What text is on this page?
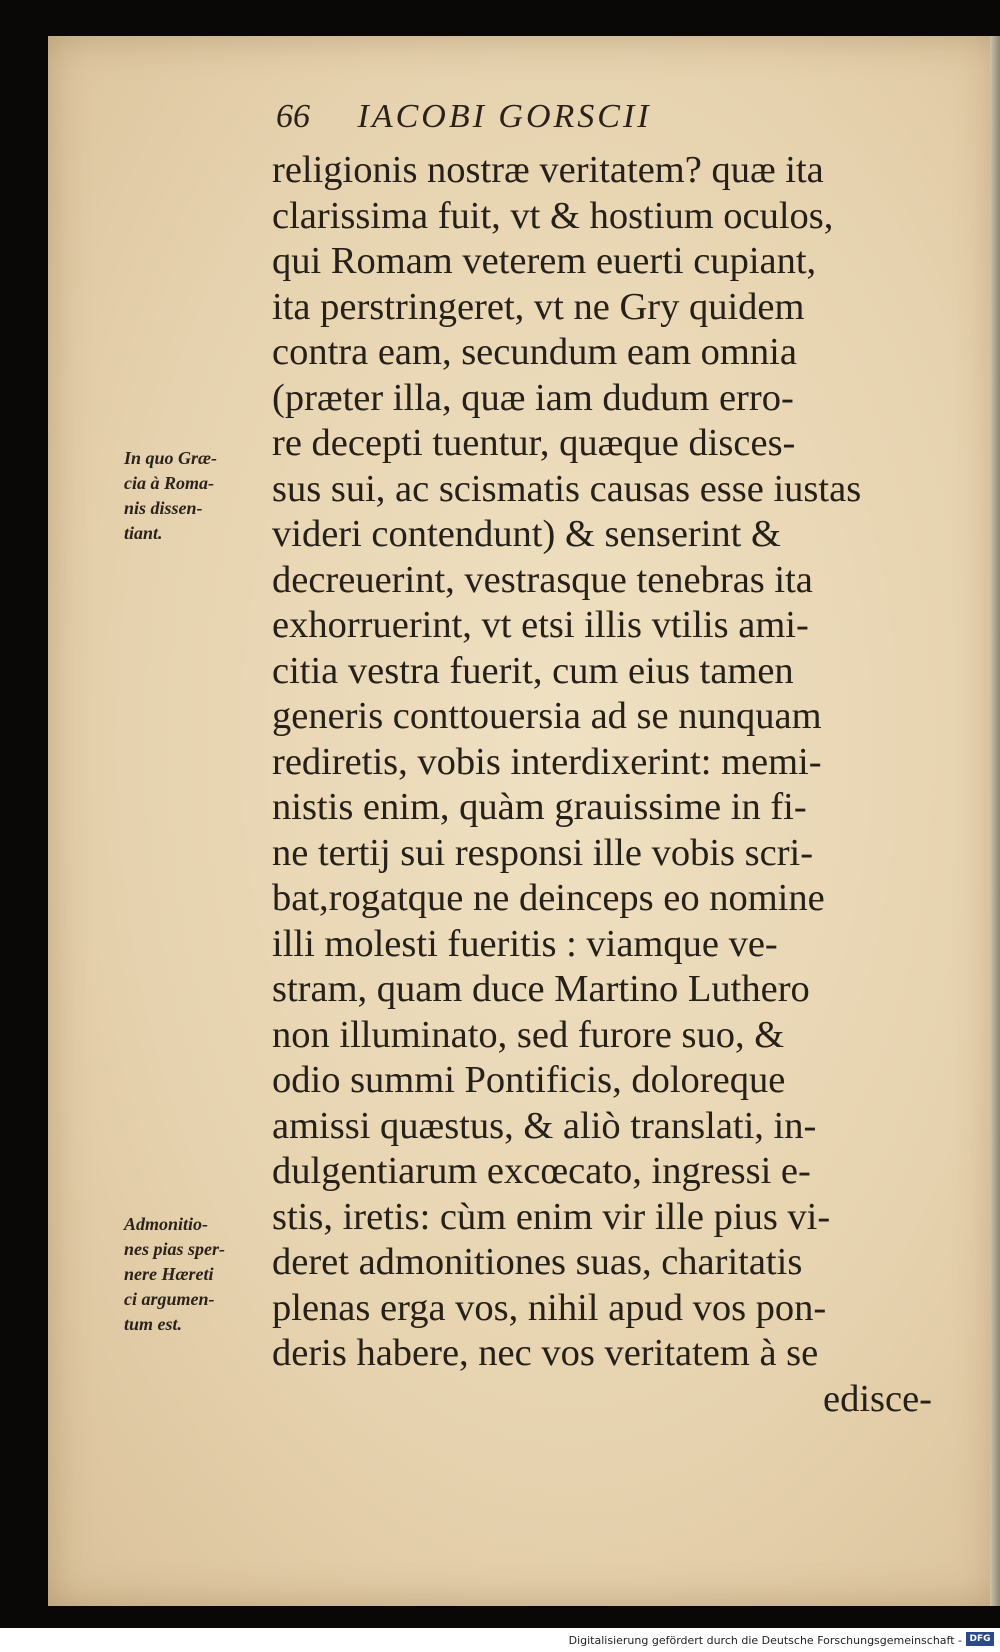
66 IACOBI GORSCII
religionis nostræ veritatem? quæ ita
clarissima fuit, vt & hostium oculos,
qui Romam veterem euerti cupiant,
ita perstringeret, vt ne Gry quidem
contra eam, secundum eam omnia
(præter illa, quæ iam dudum erro-
re decepti tuentur, quæque disces-
sus sui, ac scismatis causas esse iustas
videri contendunt) & senserint &
decreuerint, vestrasque tenebras ita
exhorruerint, vt etsi illis vtilis ami-
citia vestra fuerit, cum eius tamen
generis conttouersia ad se nunquam
rediretis, vobis interdixerint: memi-
nistis enim, quàm grauissime in fi-
ne tertij sui responsi ille vobis scri-
bat,rogatque ne deinceps eo nomine
illi molesti fueritis : viamque ve-
stram, quam duce Martino Luthero
non illuminato, sed furore suo, &
odio summi Pontificis, doloreque
amissi quæstus, & aliò translati, in-
dulgentiarum excœcato, ingressi e-
stis, iretis: cùm enim vir ille pius vi-
deret admonitiones suas, charitatis
plenas erga vos, nihil apud vos pon-
deris habere, nec vos veritatem à se
edisce-
In quo Græ-
cia à Roma-
nis dissen-
tiant.
Admonitio-
nes pias sper-
nere Hæreti
ci argumen-
tum est.
Digitalisierung gefördert durch die Deutsche Forschungsgemeinschaft - DFG
